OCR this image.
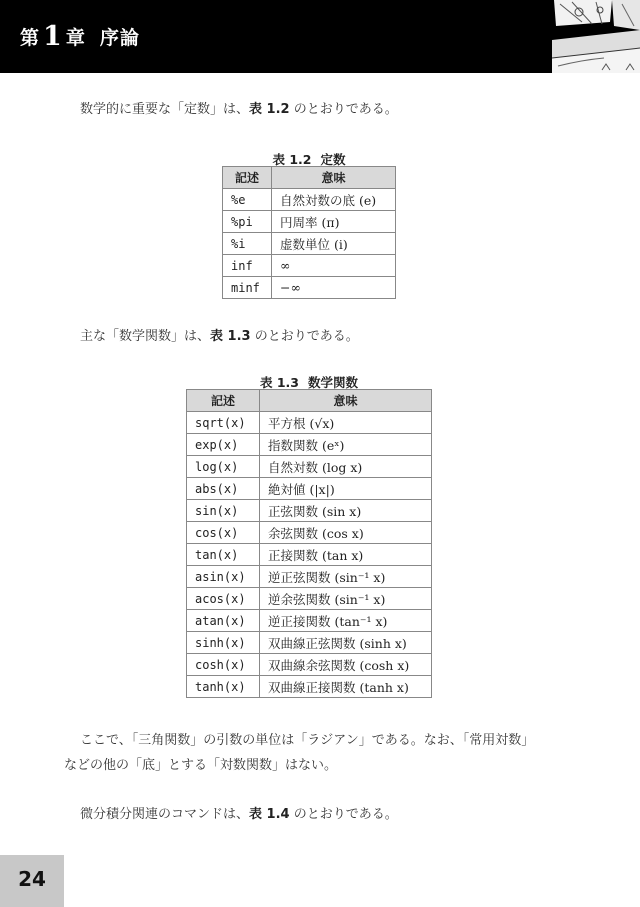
第 1 章 序論
数学的に重要な「定数」は、表 1.2 のとおりである。
表 1.2 定数
記述	意味
%e	自然対数の底 (e)
%pi	円周率 (π)
%i	虚数単位 (i)
inf	∞
minf	−∞
主な「数学関数」は、表 1.3 のとおりである。
表 1.3 数学関数
記述	意味
sqrt(x)	平方根 (√x)
exp(x)	指数関数 (eˣ)
log(x)	自然対数 (log x)
abs(x)	絶対値 (|x|)
sin(x)	正弦関数 (sin x)
cos(x)	余弦関数 (cos x)
tan(x)	正接関数 (tan x)
asin(x)	逆正弦関数 (sin⁻¹ x)
acos(x)	逆余弦関数 (sin⁻¹ x)
atan(x)	逆正接関数 (tan⁻¹ x)
sinh(x)	双曲線正弦関数 (sinh x)
cosh(x)	双曲線余弦関数 (cosh x)
tanh(x)	双曲線正接関数 (tanh x)
ここで、「三角関数」の引数の単位は「ラジアン」である。なお、「常用対数」
などの他の「底」とする「対数関数」はない。
微分積分関連のコマンドは、表 1.4 のとおりである。
24
